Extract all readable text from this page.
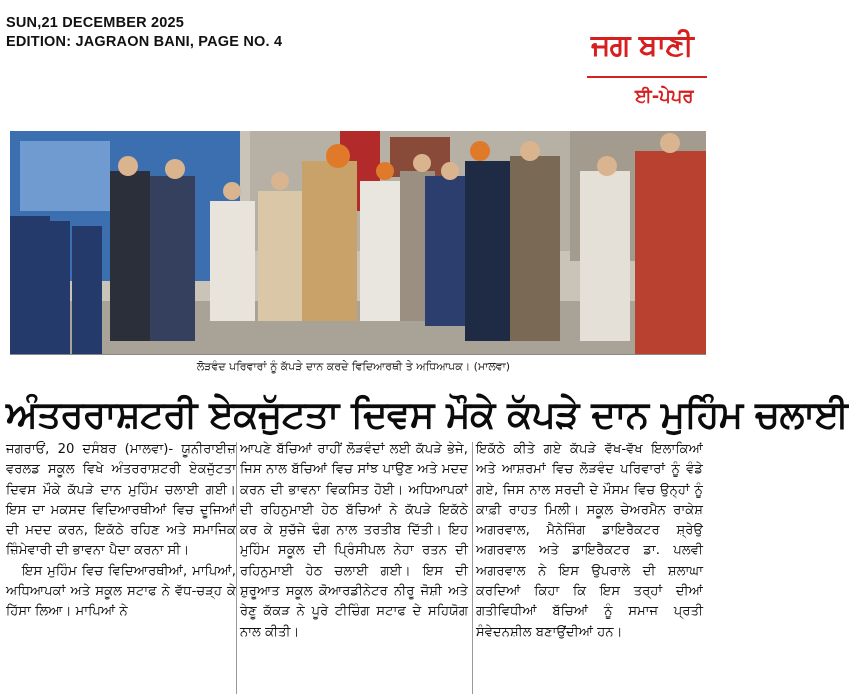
SUN,21 DECEMBER 2025
EDITION: JAGRAON BANI, PAGE NO. 4	ਜਗ ਬਾਣੀ
ਈ-ਪੇਪਰ
ਲੋੜਵੰਦ ਪਰਿਵਾਰਾਂ ਨੂੰ ਕੱਪੜੇ ਦਾਨ ਕਰਦੇ ਵਿਦਿਆਰਥੀ ਤੇ ਅਧਿਆਪਕ। (ਮਾਲਵਾ)
ਅੰਤਰਰਾਸ਼ਟਰੀ ਏਕਜੁੱਟਤਾ ਦਿਵਸ ਮੌਕੇ ਕੱਪੜੇ ਦਾਨ ਮੁਹਿੰਮ ਚਲਾਈ

ਜਗਰਾਓਂ, 20 ਦਸੰਬਰ (ਮਾਲਵਾ)- ਯੂਨੀਰਾਈਜ਼ ਵਰਲਡ ਸਕੂਲ ਵਿਖੇ ਅੰਤਰਰਾਸ਼ਟਰੀ ਏਕਜੁੱਟਤਾ ਦਿਵਸ ਮੌਕੇ ਕੱਪੜੇ ਦਾਨ ਮੁਹਿੰਮ ਚਲਾਈ ਗਈ। ਇਸ ਦਾ ਮਕਸਦ ਵਿਦਿਆਰਥੀਆਂ ਵਿਚ ਦੂਜਿਆਂ ਦੀ ਮਦਦ ਕਰਨ, ਇਕੱਠੇ ਰਹਿਣ ਅਤੇ ਸਮਾਜਿਕ ਜ਼ਿੰਮੇਵਾਰੀ ਦੀ ਭਾਵਨਾ ਪੈਦਾ ਕਰਨਾ ਸੀ।

ਇਸ ਮੁਹਿੰਮ ਵਿਚ ਵਿਦਿਆਰਥੀਆਂ, ਮਾਪਿਆਂ, ਅਧਿਆਪਕਾਂ ਅਤੇ ਸਕੂਲ ਸਟਾਫ ਨੇ ਵੱਧ-ਚੜ੍ਹ ਕੇ ਹਿੱਸਾ ਲਿਆ। ਮਾਪਿਆਂ ਨੇ

ਆਪਣੇ ਬੱਚਿਆਂ ਰਾਹੀਂ ਲੋੜਵੰਦਾਂ ਲਈ ਕੱਪੜੇ ਭੇਜੇ, ਜਿਸ ਨਾਲ ਬੱਚਿਆਂ ਵਿਚ ਸਾਂਝ ਪਾਉਣ ਅਤੇ ਮਦਦ ਕਰਨ ਦੀ ਭਾਵਨਾ ਵਿਕਸਿਤ ਹੋਈ। ਅਧਿਆਪਕਾਂ ਦੀ ਰਹਿਨੁਮਾਈ ਹੇਠ ਬੱਚਿਆਂ ਨੇ ਕੱਪੜੇ ਇਕੱਠੇ ਕਰ ਕੇ ਸੁਚੱਜੇ ਢੰਗ ਨਾਲ ਤਰਤੀਬ ਦਿੱਤੀ। ਇਹ ਮੁਹਿੰਮ ਸਕੂਲ ਦੀ ਪ੍ਰਿੰਸੀਪਲ ਨੇਹਾ ਰਤਨ ਦੀ ਰਹਿਨੁਮਾਈ ਹੇਠ ਚਲਾਈ ਗਈ। ਇਸ ਦੀ ਸ਼ੁਰੂਆਤ ਸਕੂਲ ਕੋਆਰਡੀਨੇਟਰ ਨੀਰੂ ਜੋਸ਼ੀ ਅਤੇ ਰੇਣੂ ਕੱਕੜ ਨੇ ਪੂਰੇ ਟੀਚਿੰਗ ਸਟਾਫ ਦੇ ਸਹਿਯੋਗ ਨਾਲ ਕੀਤੀ।

ਇਕੱਠੇ ਕੀਤੇ ਗਏ ਕੱਪੜੇ ਵੱਖ-ਵੱਖ ਇਲਾਕਿਆਂ ਅਤੇ ਆਸ਼ਰਮਾਂ ਵਿਚ ਲੋੜਵੰਦ ਪਰਿਵਾਰਾਂ ਨੂੰ ਵੰਡੇ ਗਏ, ਜਿਸ ਨਾਲ ਸਰਦੀ ਦੇ ਮੌਸਮ ਵਿਚ ਉਨ੍ਹਾਂ ਨੂੰ ਕਾਫ਼ੀ ਰਾਹਤ ਮਿਲੀ। ਸਕੂਲ ਚੇਅਰਮੈਨ ਰਾਕੇਸ਼ ਅਗਰਵਾਲ, ਮੈਨੇਜਿੰਗ ਡਾਇਰੈਕਟਰ ਸ਼੍ਰੇਉ ਅਗਰਵਾਲ ਅਤੇ ਡਾਇਰੈਕਟਰ ਡਾ. ਪਲਵੀ ਅਗਰਵਾਲ ਨੇ ਇਸ ਉਪਰਾਲੇ ਦੀ ਸ਼ਲਾਘਾ ਕਰਦਿਆਂ ਕਿਹਾ ਕਿ ਇਸ ਤਰ੍ਹਾਂ ਦੀਆਂ ਗਤੀਵਿਧੀਆਂ ਬੱਚਿਆਂ ਨੂੰ ਸਮਾਜ ਪ੍ਰਤੀ ਸੰਵੇਦਨਸ਼ੀਲ ਬਣਾਉਂਦੀਆਂ ਹਨ।
